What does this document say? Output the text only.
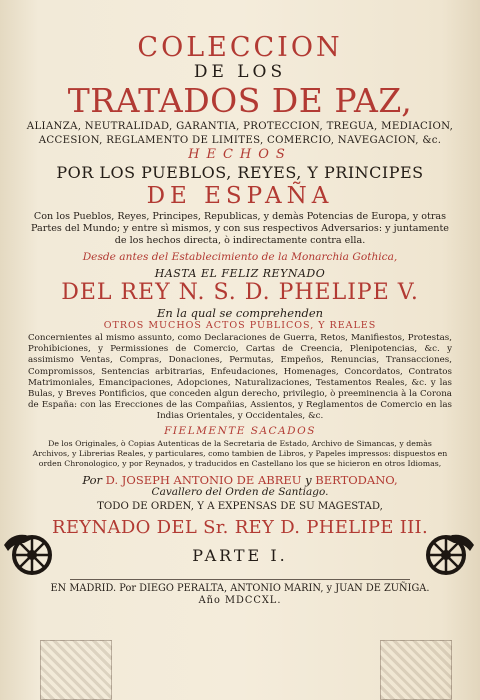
COLECCION

DE LOS

TRATADOS DE PAZ,

ALIANZA, NEUTRALIDAD, GARANTIA, PROTECCION, TREGUA, MEDIACION,

ACCESION, REGLAMENTO DE LIMITES, COMERCIO, NAVEGACION, &c.

HECHOS

POR LOS PUEBLOS, REYES, Y PRINCIPES

DE ESPAÑA

Con los Pueblos, Reyes, Principes, Republicas, y demàs Potencias de Europa, y otras Partes del Mundo; y entre sì mismos, y con sus respectivos Adversarios: y juntamente de los hechos directa, ò indirectamente contra ella.

Desde antes del Establecimiento de la Monarchia Gothica,

HASTA EL FELIZ REYNADO

DEL REY N. S. D. PHELIPE V.

En la qual se comprehenden

OTROS MUCHOS ACTOS PUBLICOS, Y REALES

Concernientes al mismo assunto, como Declaraciones de Guerra, Retos, Manifiestos, Protestas, Prohibiciones, y Permissiones de Comercio, Cartas de Creencia, Plenipotencias, &c. y assimismo Ventas, Compras, Donaciones, Permutas, Empeños, Renuncias, Transacciones, Compromissos, Sentencias arbitrarias, Enfeudaciones, Homenages, Concordatos, Contratos Matrimoniales, Emancipaciones, Adopciones, Naturalizaciones, Testamentos Reales, &c. y las Bulas, y Breves Pontificios, que conceden algun derecho, privilegio, ò preeminencia à la Corona de España: con las Erecciones de las Compañias, Assientos, y Reglamentos de Comercio en las Indias Orientales, y Occidentales, &c.

FIELMENTE SACADOS

De los Originales, ò Copias Autenticas de la Secretaria de Estado, Archivo de Simancas, y demàs Archivos, y Librerias Reales, y particulares, como tambien de Libros, y Papeles impressos: dispuestos en orden Chronologico, y por Reynados, y traducidos en Castellano los que se hicieron en otros Idiomas,

Por D. JOSEPH ANTONIO DE ABREU y BERTODANO,

Cavallero del Orden de Santiago.

TODO DE ORDEN, Y A EXPENSAS DE SU MAGESTAD,

REYNADO DEL Sr. REY D. PHELIPE III.

PARTE I.

EN MADRID. Por DIEGO PERALTA, ANTONIO MARIN, y JUAN DE ZUÑIGA.

Año MDCCXL.
